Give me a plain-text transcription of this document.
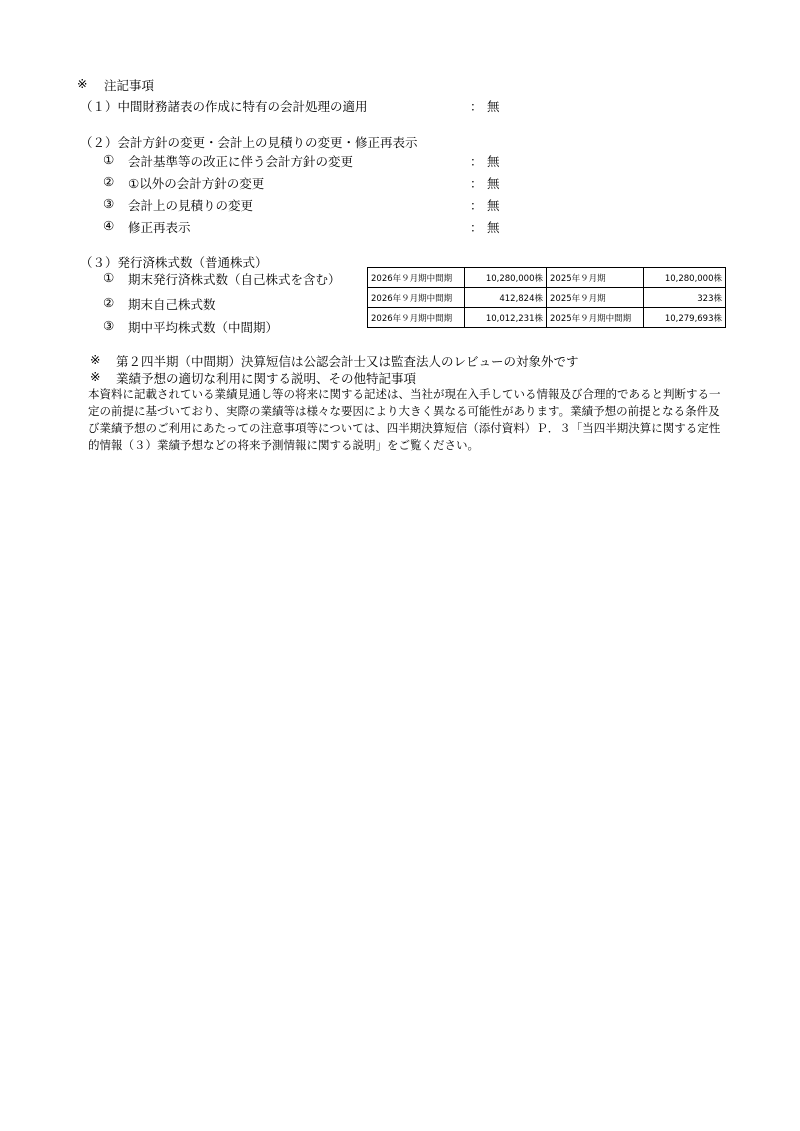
※ 注記事項
（１）中間財務諸表の作成に特有の会計処理の適用	： 無
（２）会計方針の変更・会計上の見積りの変更・修正再表示
① 会計基準等の改正に伴う会計方針の変更	： 無
② ①以外の会計方針の変更	： 無
③ 会計上の見積りの変更	： 無
④ 修正再表示	： 無
（３）発行済株式数（普通株式）
① 期末発行済株式数（自己株式を含む）
② 期末自己株式数
③ 期中平均株式数（中間期）
2026年９月期中間期	10,280,000株	2025年９月期	10,280,000株
2026年９月期中間期	412,824株	2025年９月期	323株
2026年９月期中間期	10,012,231株	2025年９月期中間期	10,279,693株
※ 第２四半期（中間期）決算短信は公認会計士又は監査法人のレビューの対象外です
※ 業績予想の適切な利用に関する説明、その他特記事項
本資料に記載されている業績見通し等の将来に関する記述は、当社が現在入手している情報及び合理的であると判断する一定の前提に基づいており、実際の業績等は様々な要因により大きく異なる可能性があります。業績予想の前提となる条件及び業績予想のご利用にあたっての注意事項等については、四半期決算短信（添付資料）Ｐ．３「当四半期決算に関する定性的情報（３）業績予想などの将来予測情報に関する説明」をご覧ください。
